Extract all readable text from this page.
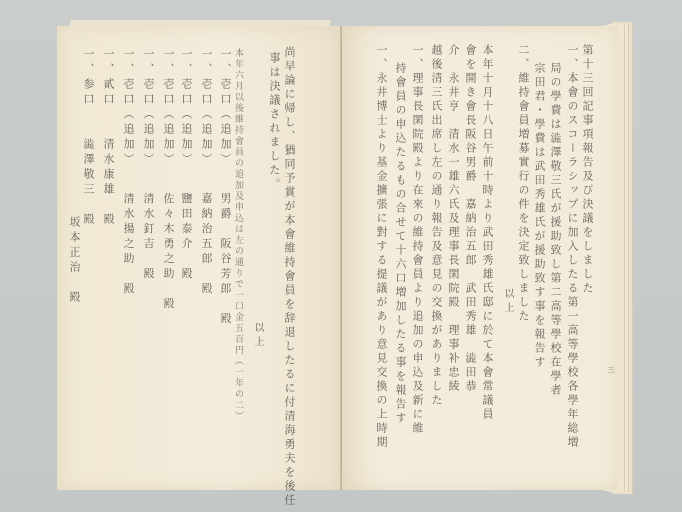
尚早論に帰し、猶同予賞が本會維持會員を辞退したるに付清海勇夫を後任
事は決議されました。
以上
本年六月以後維持會員の追加及申込は左の通りで一口金五百円（一年の二）
一、壱口（追加）　　男爵　阪谷芳郎　殿
一、壱口（追加）　　嘉納治五郎　殿
一、壱口（追加）　　鹽田泰介　殿
一、壱口（追加）　　佐々木勇之助　殿
一、壱口（追加）　　清水釘吉　殿
一、壱口（追加）　　清水揚之助　殿
一、貳口　　清水康雄　殿
一、参口　　澁澤敬三　殿
坂本正治　殿	第十三回記事項報告及び決議をしました
一、本會のスコーラシップに加入したる第一高等學校各學年総増
局の學費は澁澤敬三氏が援助致し第二高等學校在學者
宗田君・學費は武田秀雄氏が援助致す事を報告す
二、維持會員増募實行の件を決定致しました
以上
本年十月十八日午前十時より武田秀雄氏邸に於て本會常議員
會を開き會長阪谷男爵　嘉納治五郎　武田秀雄　澁田恭
介　永井亨　清水一雄六氏及理事長閑院殿　理事补忠綾
越後清三氏出席し左の通り報告及意見の交換がありました
一、理事長閑院殿より在來の維持會員より追加の申込及新に維
持會員の申込たるもの合せて十六口増加したる事を報告す
一、永井博士より基金擴張に對する提議があり意見交換の上時期	三
